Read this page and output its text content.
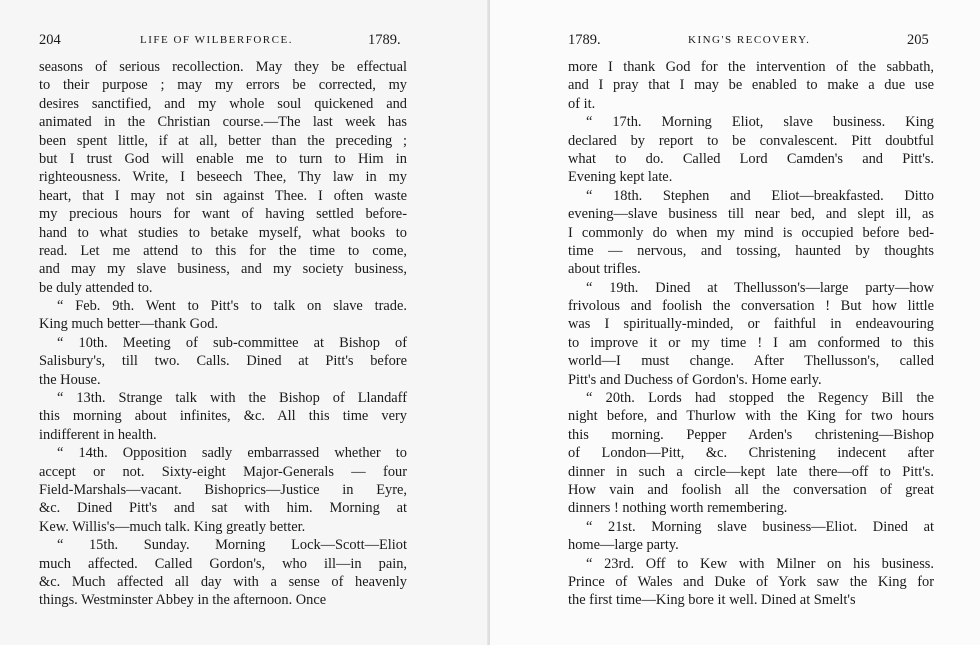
204	LIFE OF WILBERFORCE.	1789.
seasons of serious recollection. May they be effectual
to their purpose ; may my errors be corrected, my
desires sanctified, and my whole soul quickened and
animated in the Christian course.—The last week has
been spent little, if at all, better than the preceding ;
but I trust God will enable me to turn to Him in
righteousness. Write, I beseech Thee, Thy law in my
heart, that I may not sin against Thee. I often waste
my precious hours for want of having settled before-
hand to what studies to betake myself, what books to
read. Let me attend to this for the time to come,
and may my slave business, and my society business,
be duly attended to.
“ Feb. 9th. Went to Pitt's to talk on slave trade.
King much better—thank God.
“ 10th. Meeting of sub-committee at Bishop of
Salisbury's, till two. Calls. Dined at Pitt's before
the House.
“ 13th. Strange talk with the Bishop of Llandaff
this morning about infinites, &c. All this time very
indifferent in health.
“ 14th. Opposition sadly embarrassed whether to
accept or not. Sixty-eight Major-Generals — four
Field-Marshals—vacant. Bishoprics—Justice in Eyre,
&c. Dined Pitt's and sat with him. Morning at
Kew. Willis's—much talk. King greatly better.
“ 15th. Sunday. Morning Lock—Scott—Eliot
much affected. Called Gordon's, who ill—in pain,
&c. Much affected all day with a sense of heavenly
things. Westminster Abbey in the afternoon. Once
1789.	KING'S RECOVERY.	205
more I thank God for the intervention of the sabbath,
and I pray that I may be enabled to make a due use
of it.
“ 17th. Morning Eliot, slave business. King
declared by report to be convalescent. Pitt doubtful
what to do. Called Lord Camden's and Pitt's.
Evening kept late.
“ 18th. Stephen and Eliot—breakfasted. Ditto
evening—slave business till near bed, and slept ill, as
I commonly do when my mind is occupied before bed-
time — nervous, and tossing, haunted by thoughts
about trifles.
“ 19th. Dined at Thellusson's—large party—how
frivolous and foolish the conversation ! But how little
was I spiritually-minded, or faithful in endeavouring
to improve it or my time ! I am conformed to this
world—I must change. After Thellusson's, called
Pitt's and Duchess of Gordon's. Home early.
“ 20th. Lords had stopped the Regency Bill the
night before, and Thurlow with the King for two hours
this morning. Pepper Arden's christening—Bishop
of London—Pitt, &c. Christening indecent after
dinner in such a circle—kept late there—off to Pitt's.
How vain and foolish all the conversation of great
dinners ! nothing worth remembering.
“ 21st. Morning slave business—Eliot. Dined at
home—large party.
“ 23rd. Off to Kew with Milner on his business.
Prince of Wales and Duke of York saw the King for
the first time—King bore it well. Dined at Smelt's
